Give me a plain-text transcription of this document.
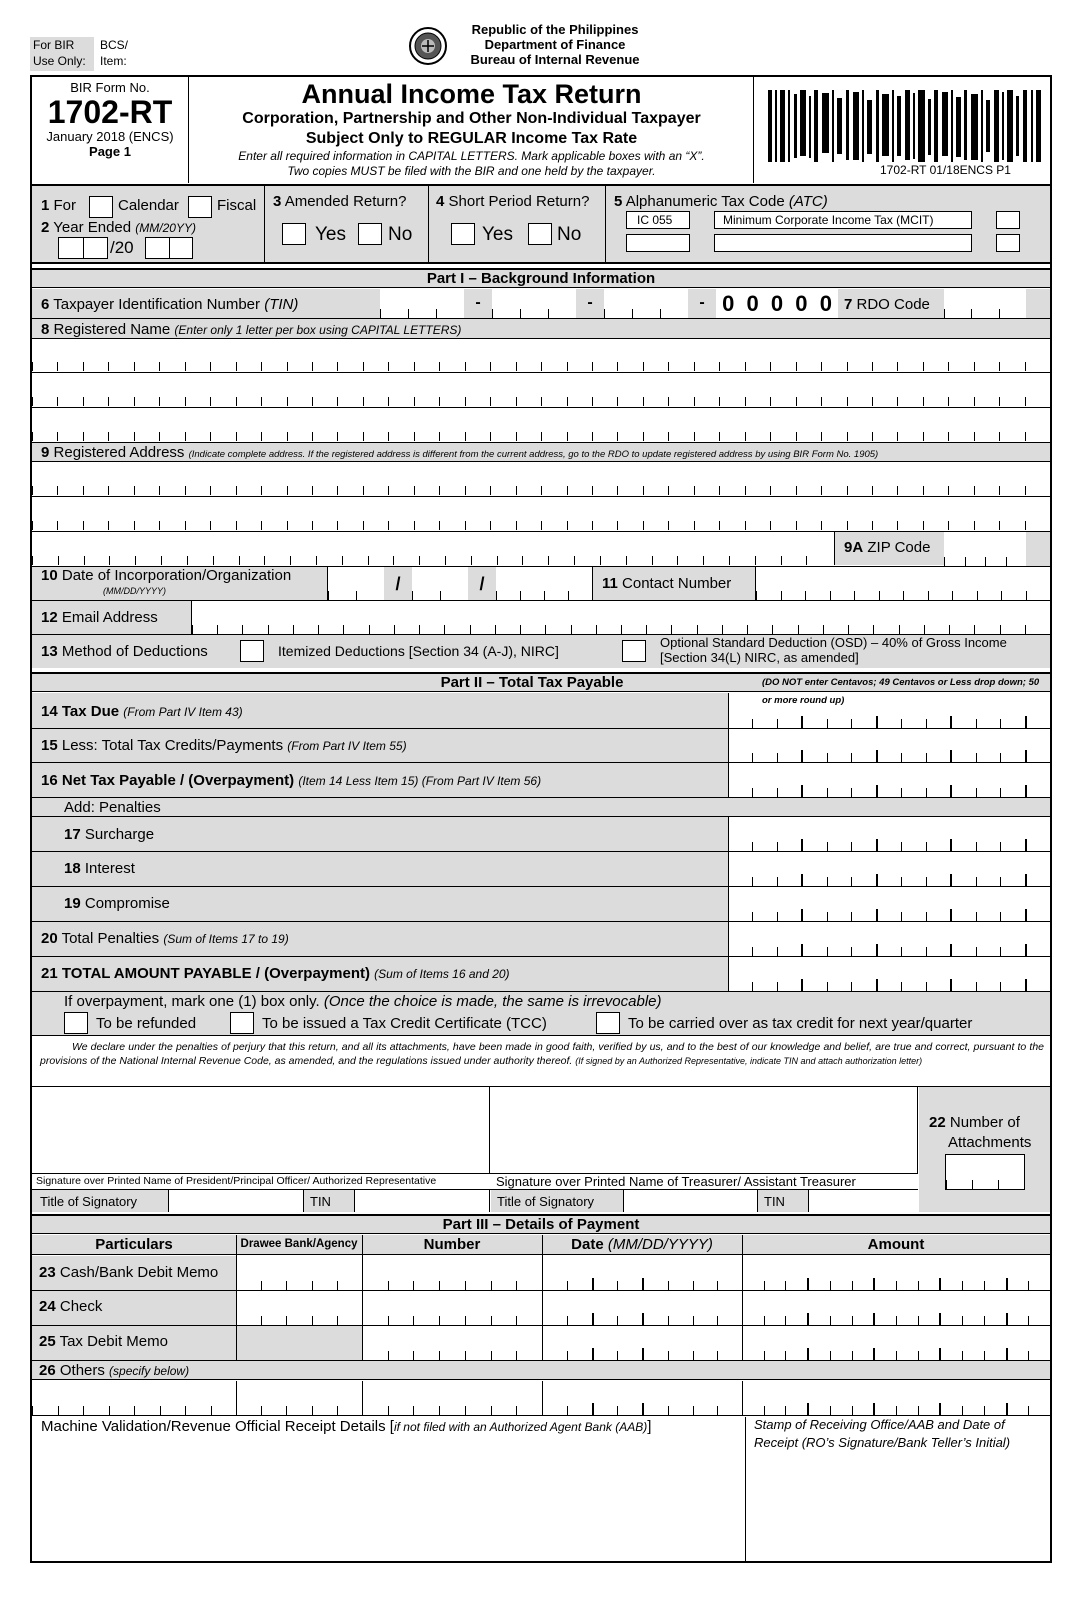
For BIR
Use Only:
BCS/
Item:
Republic of the Philippines
Department of Finance
Bureau of Internal Revenue
BIR Form No.
1702-RT
January 2018 (ENCS)
Page 1
Annual Income Tax Return
Corporation, Partnership and Other Non-Individual Taxpayer
Subject Only to REGULAR Income Tax Rate
Enter all required information in CAPITAL LETTERS. Mark applicable boxes with an “X”.
Two copies MUST be filed with the BIR and one held by the taxpayer.	1702-RT 01/18ENCS P1
1 For	Calendar	Fiscal
2 Year Ended (MM/20YY)
/20
3 Amended Return?
Yes No
4 Short Period Return?
Yes No
5 Alphanumeric Tax Code (ATC)
IC 055	Minimum Corporate Income Tax (MCIT)
Part I – Background Information
6 Taxpayer Identification Number (TIN)	-	-	- 0 0 0 0 0 7 RDO Code
8 Registered Name (Enter only 1 letter per box using CAPITAL LETTERS)
9 Registered Address (Indicate complete address. If the registered address is different from the current address, go to the RDO to update registered address by using BIR Form No. 1905)
9A ZIP Code
10 Date of Incorporation/Organization
(MM/DD/YYYY)	/	/	11 Contact Number
12 Email Address
13 Method of Deductions	Itemized Deductions [Section 34 (A-J), NIRC]
Optional Standard Deduction (OSD) – 40% of Gross Income
[Section 34(L) NIRC, as amended]
Part II – Total Tax Payable	(DO NOT enter Centavos; 49 Centavos or Less drop down; 50 or more round up)
14 Tax Due (From Part IV Item 43)
15 Less: Total Tax Credits/Payments (From Part IV Item 55)
16 Net Tax Payable / (Overpayment) (Item 14 Less Item 15) (From Part IV Item 56)
Add: Penalties
17 Surcharge
18 Interest
19 Compromise
20 Total Penalties (Sum of Items 17 to 19)
21 TOTAL AMOUNT PAYABLE / (Overpayment) (Sum of Items 16 and 20)
If overpayment, mark one (1) box only. (Once the choice is made, the same is irrevocable)
To be refunded	To be issued a Tax Credit Certificate (TCC)	To be carried over as tax credit for next year/quarter
We declare under the penalties of perjury that this return, and all its attachments, have been made in good faith, verified by us, and to the best of our knowledge and belief, are true and correct, pursuant to the provisions of the National Internal Revenue Code, as amended, and the regulations issued under authority thereof. (If signed by an Authorized Representative, indicate TIN and attach authorization letter)
Signature over Printed Name of President/Principal Officer/ Authorized Representative	Signature over Printed Name of Treasurer/ Assistant Treasurer
Title of Signatory	TIN	Title of Signatory	TIN
22 Number of
Attachments
Part III – Details of Payment
Particulars	Drawee Bank/Agency	Number	Date (MM/DD/YYYY)	Amount
23 Cash/Bank Debit Memo
24 Check
25 Tax Debit Memo
26 Others (specify below)
Machine Validation/Revenue Official Receipt Details [if not filed with an Authorized Agent Bank (AAB)]	Stamp of Receiving Office/AAB and Date of Receipt (RO’s Signature/Bank Teller’s Initial)
